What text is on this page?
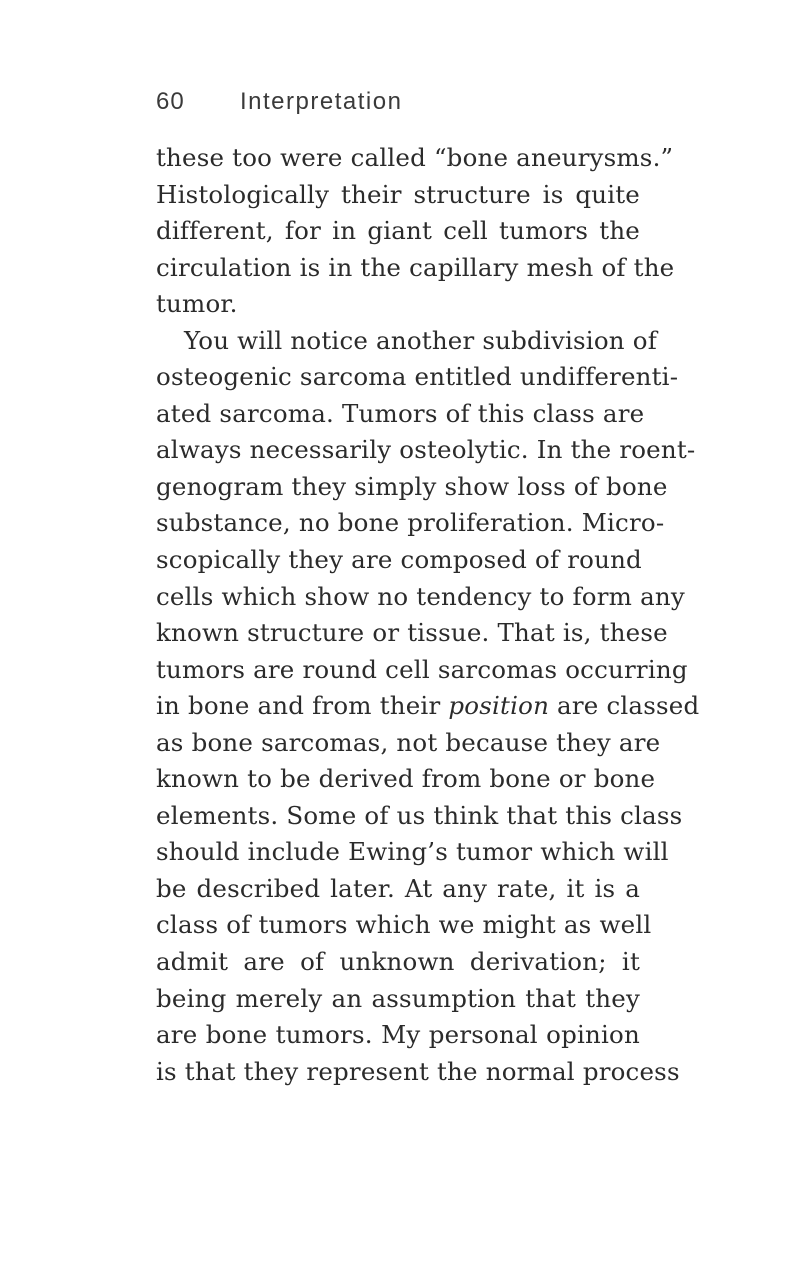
60 Interpretation
these too were called “bone aneurysms.”
Histologically their structure is quite
different, for in giant cell tumors the
circulation is in the capillary mesh of the
tumor.
You will notice another subdivision of
osteogenic sarcoma entitled undifferenti-
ated sarcoma. Tumors of this class are
always necessarily osteolytic. In the roent-
genogram they simply show loss of bone
substance, no bone proliferation. Micro-
scopically they are composed of round
cells which show no tendency to form any
known structure or tissue. That is, these
tumors are round cell sarcomas occurring
in bone and from their position are classed
as bone sarcomas, not because they are
known to be derived from bone or bone
elements. Some of us think that this class
should include Ewing’s tumor which will
be described later. At any rate, it is a
class of tumors which we might as well
admit are of unknown derivation; it
being merely an assumption that they
are bone tumors. My personal opinion
is that they represent the normal process
